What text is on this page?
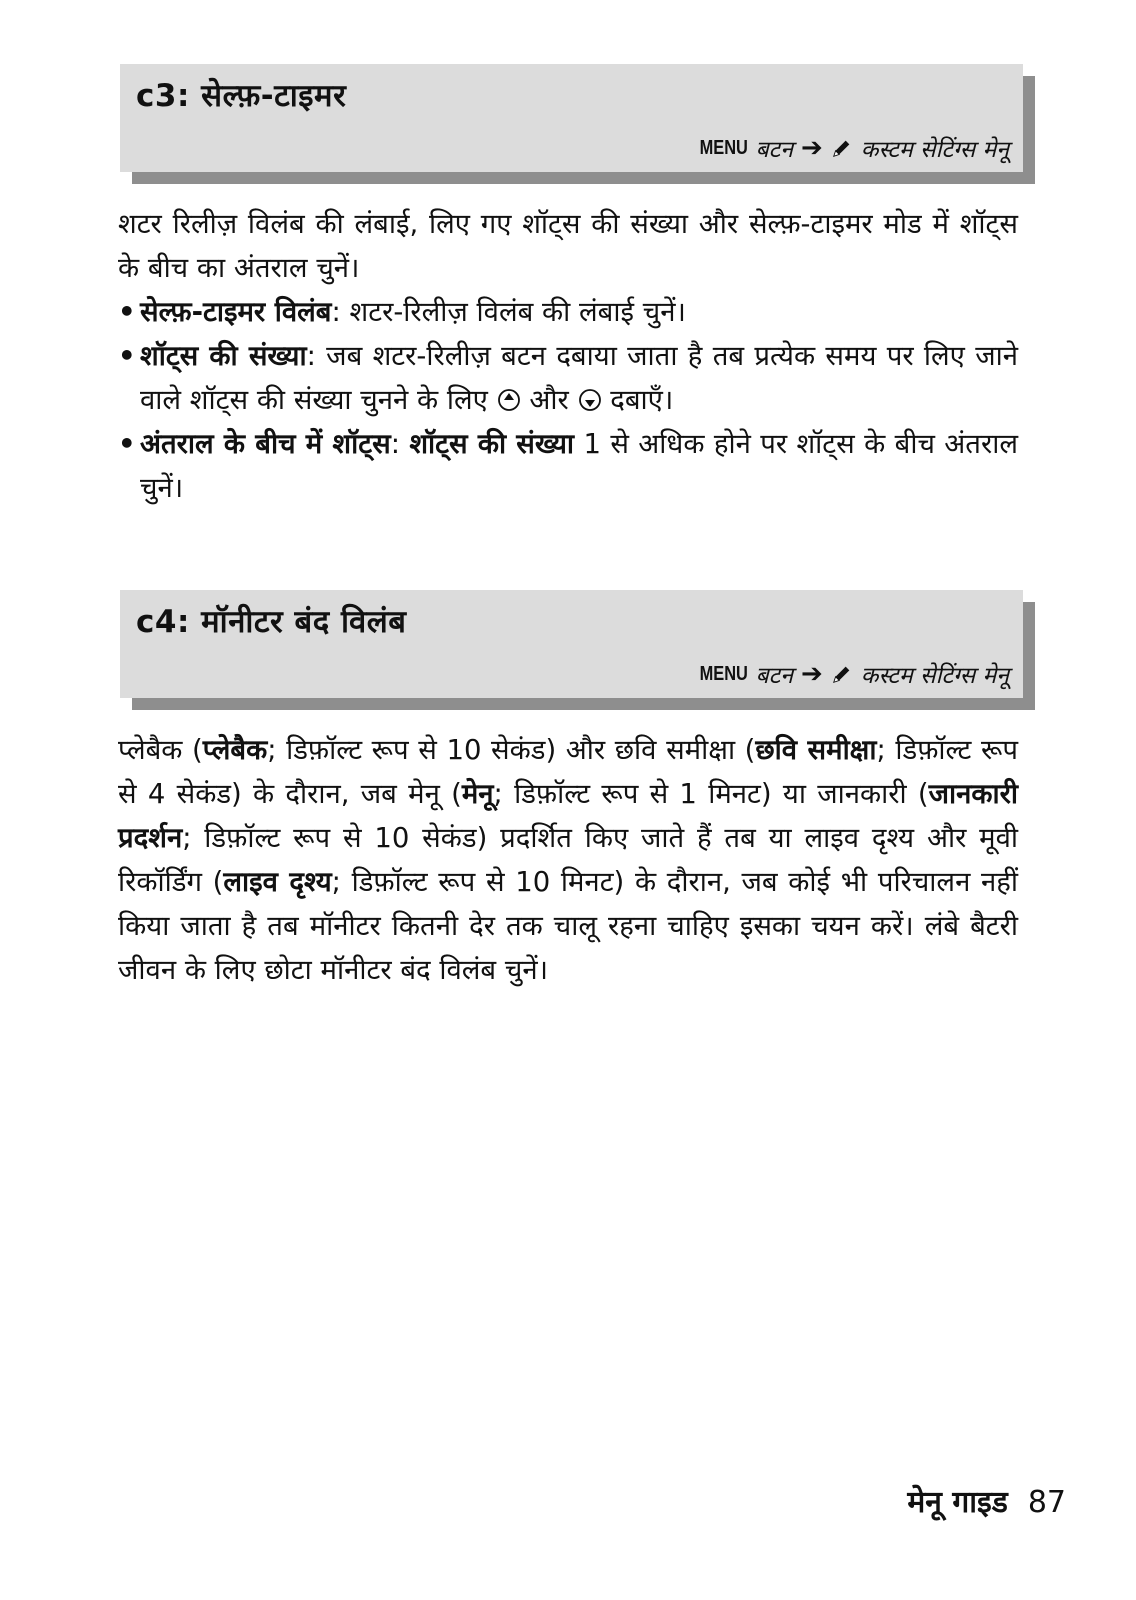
c3: सेल्फ़-टाइमर
MENU बटन ➔ कस्टम सेटिंग्स मेनू

शटर रिलीज़ विलंब की लंबाई, लिए गए शॉट्स की संख्या और सेल्फ़-टाइमर मोड में शॉट्स के बीच का अंतराल चुनें।

• सेल्फ़-टाइमर विलंब: शटर-रिलीज़ विलंब की लंबाई चुनें।
• शॉट्स की संख्या: जब शटर-रिलीज़ बटन दबाया जाता है तब प्रत्येक समय पर लिए जाने वाले शॉट्स की संख्या चुनने के लिए और दबाएँ।
• अंतराल के बीच में शॉट्स: शॉट्स की संख्या 1 से अधिक होने पर शॉट्स के बीच अंतराल चुनें।
c4: मॉनीटर बंद विलंब
MENU बटन ➔ कस्टम सेटिंग्स मेनू

प्लेबैक (प्लेबैक; डिफ़ॉल्ट रूप से 10 सेकंड) और छवि समीक्षा (छवि समीक्षा; डिफ़ॉल्ट रूप से 4 सेकंड) के दौरान, जब मेनू (मेनू; डिफ़ॉल्ट रूप से 1 मिनट) या जानकारी (जानकारी प्रदर्शन; डिफ़ॉल्ट रूप से 10 सेकंड) प्रदर्शित किए जाते हैं तब या लाइव दृश्य और मूवी रिकॉर्डिंग (लाइव दृश्य; डिफ़ॉल्ट रूप से 10 मिनट) के दौरान, जब कोई भी परिचालन नहीं किया जाता है तब मॉनीटर कितनी देर तक चालू रहना चाहिए इसका चयन करें। लंबे बैटरी जीवन के लिए छोटा मॉनीटर बंद विलंब चुनें।

मेनू गाइड 87
